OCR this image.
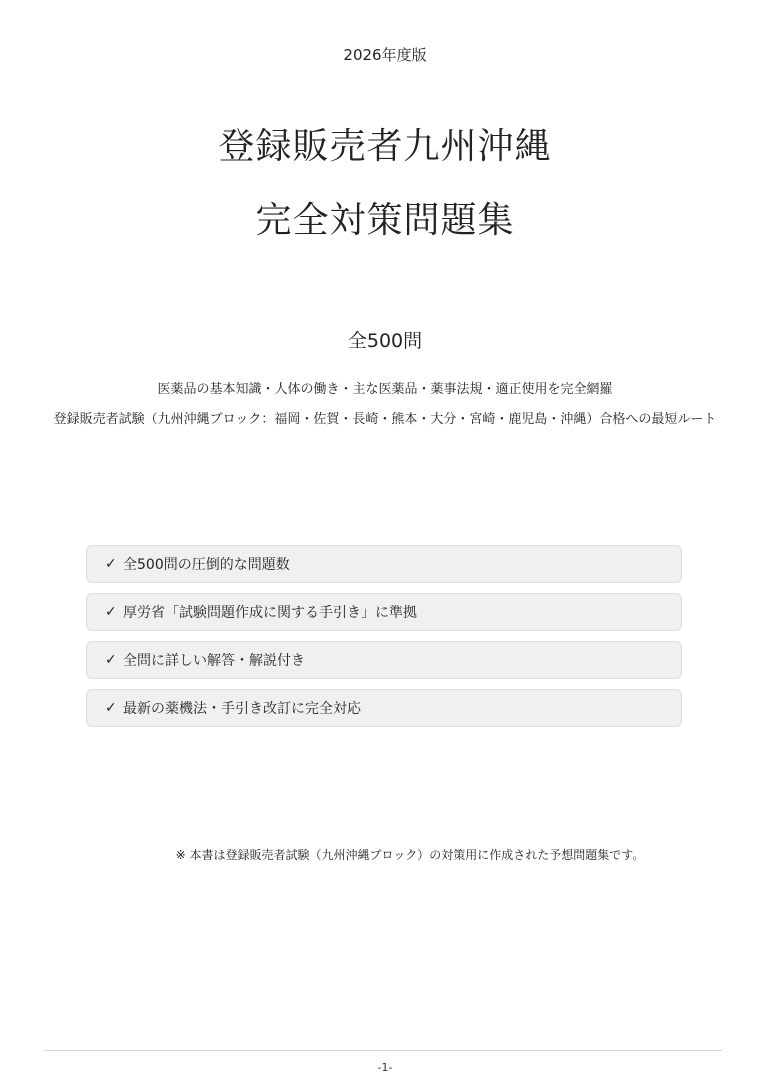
2026年度版
登録販売者九州沖縄
完全対策問題集
全500問
医薬品の基本知識・人体の働き・主な医薬品・薬事法規・適正使用を完全網羅
登録販売者試験（九州沖縄ブロック：福岡・佐賀・長崎・熊本・大分・宮崎・鹿児島・沖縄）合格への最短ルート
✓ 全500問の圧倒的な問題数
✓ 厚労省「試験問題作成に関する手引き」に準拠
✓ 全問に詳しい解答・解説付き
✓ 最新の薬機法・手引き改訂に完全対応
※ 本書は登録販売者試験（九州沖縄ブロック）の対策用に作成された予想問題集です。
-1-
